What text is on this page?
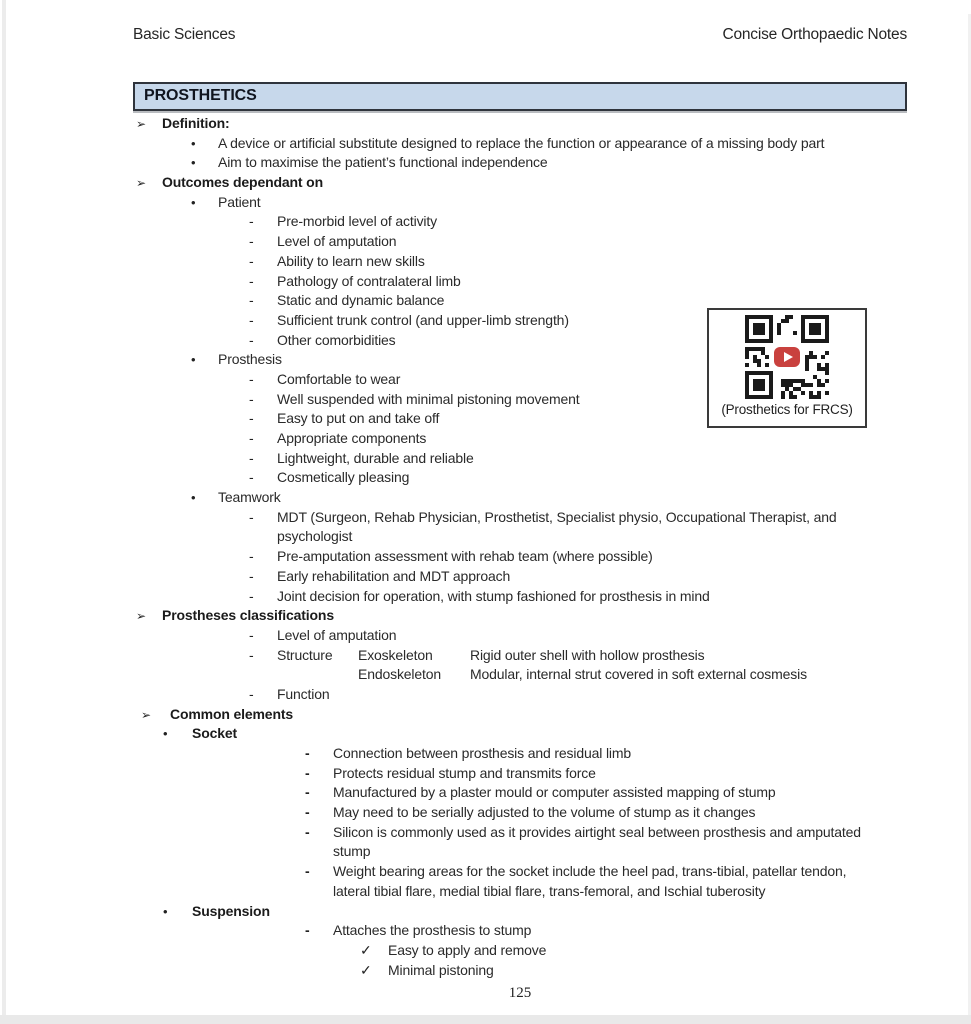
Basic Sciences	Concise Orthopaedic Notes
PROSTHETICS
➢ Definition:
• A device or artificial substitute designed to replace the function or appearance of a missing body part
• Aim to maximise the patient’s functional independence
➢ Outcomes dependant on
• Patient
- Pre-morbid level of activity
- Level of amputation
- Ability to learn new skills
- Pathology of contralateral limb
- Static and dynamic balance
- Sufficient trunk control (and upper-limb strength)
- Other comorbidities
• Prosthesis
- Comfortable to wear
- Well suspended with minimal pistoning movement
- Easy to put on and take off
- Appropriate components
- Lightweight, durable and reliable
- Cosmetically pleasing
• Teamwork
- MDT (Surgeon, Rehab Physician, Prosthetist, Specialist physio, Occupational Therapist, and
psychologist
- Pre-amputation assessment with rehab team (where possible)
- Early rehabilitation and MDT approach
- Joint decision for operation, with stump fashioned for prosthesis in mind
➢ Prostheses classifications
- Level of amputation
- Structure Exoskeleton	Rigid outer shell with hollow prosthesis
Endoskeleton Modular, internal strut covered in soft external cosmesis
- Function
➢ Common elements
• Socket
- Connection between prosthesis and residual limb
- Protects residual stump and transmits force
- Manufactured by a plaster mould or computer assisted mapping of stump
- May need to be serially adjusted to the volume of stump as it changes
- Silicon is commonly used as it provides airtight seal between prosthesis and amputated
stump
- Weight bearing areas for the socket include the heel pad, trans-tibial, patellar tendon,
lateral tibial flare, medial tibial flare, trans-femoral, and Ischial tuberosity
• Suspension
- Attaches the prosthesis to stump
✓ Easy to apply and remove
✓ Minimal pistoning
125
(Prosthetics for FRCS)
